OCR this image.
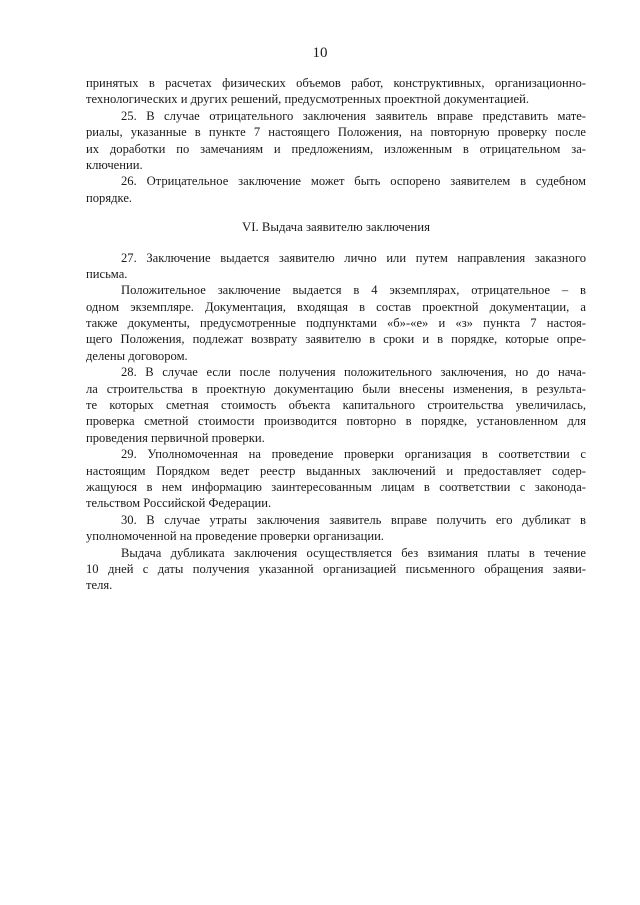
10
принятых в расчетах физических объемов работ, конструктивных, организационно-
технологических и других решений, предусмотренных проектной документацией.
25. В случае отрицательного заключения заявитель вправе представить мате-
риалы, указанные в пункте 7 настоящего Положения, на повторную проверку после
их доработки по замечаниям и предложениям, изложенным в отрицательном за-
ключении.
26. Отрицательное заключение может быть оспорено заявителем в судебном
порядке.
VI. Выдача заявителю заключения
27. Заключение выдается заявителю лично или путем направления заказного
письма.
Положительное заключение выдается в 4 экземплярах, отрицательное – в
одном экземпляре. Документация, входящая в состав проектной документации, а
также документы, предусмотренные подпунктами «б»-«е» и «з» пункта 7 настоя-
щего Положения, подлежат возврату заявителю в сроки и в порядке, которые опре-
делены договором.
28. В случае если после получения положительного заключения, но до нача-
ла строительства в проектную документацию были внесены изменения, в результа-
те которых сметная стоимость объекта капитального строительства увеличилась,
проверка сметной стоимости производится повторно в порядке, установленном для
проведения первичной проверки.
29. Уполномоченная на проведение проверки организация в соответствии с
настоящим Порядком ведет реестр выданных заключений и предоставляет содер-
жащуюся в нем информацию заинтересованным лицам в соответствии с законода-
тельством Российской Федерации.
30. В случае утраты заключения заявитель вправе получить его дубликат в
уполномоченной на проведение проверки организации.
Выдача дубликата заключения осуществляется без взимания платы в течение
10 дней с даты получения указанной организацией письменного обращения заяви-
теля.
